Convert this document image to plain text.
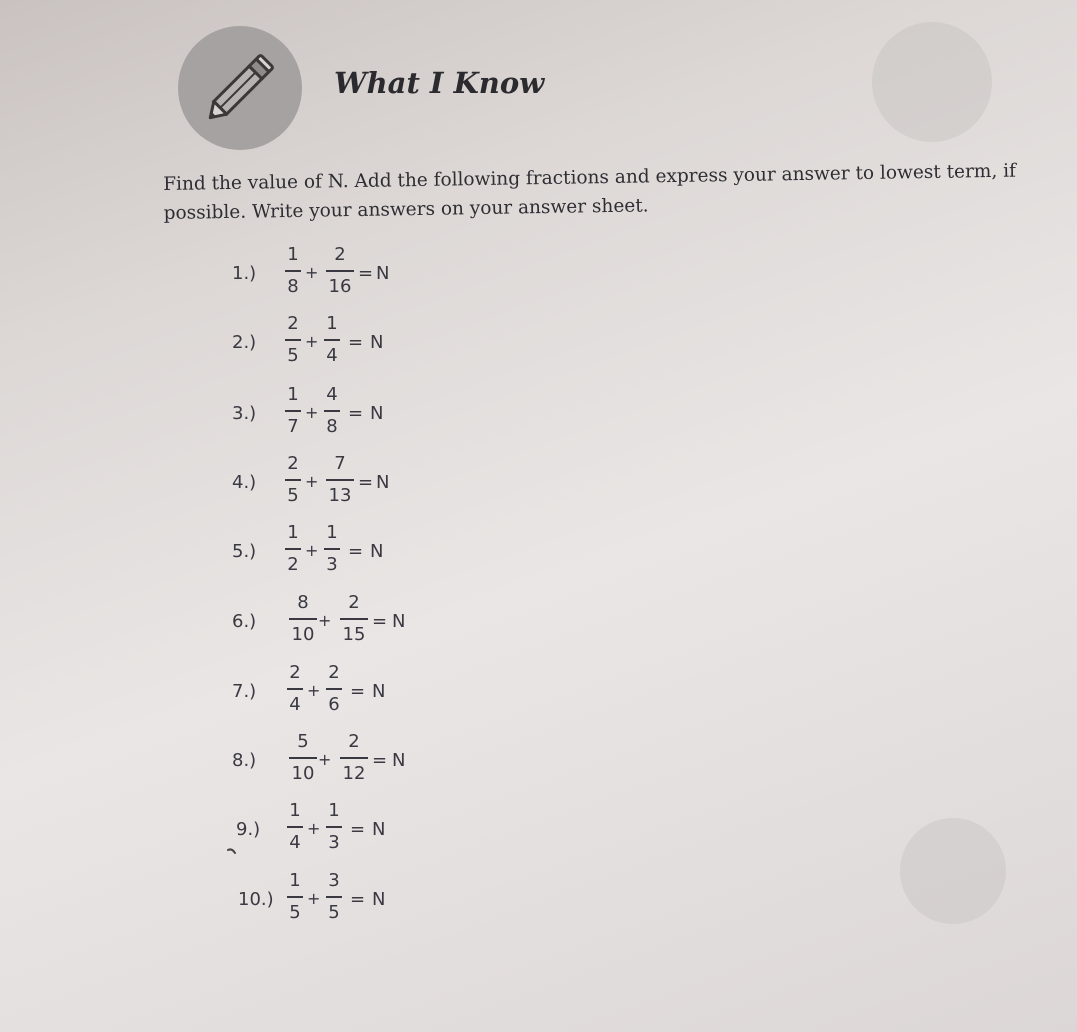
What I Know
Find the value of N. Add the following fractions and express your answer to lowest term, if possible. Write your answers on your answer sheet.
1.)
1
8
+
2
16
= N
2.)
2
5
+
1
4
= N
3.)
1
7
+
4
8
= N
4.)
2
5
+
7
13
= N
5.)
1
2
+
1
3
= N
6.)
8
10
+
2
15
= N
7.)
2
4
+
2
6
= N
8.)
5
10
+
2
12
= N
9.)
1
4
+
1
3
= N
10.)
1
5
+
3
5
= N
